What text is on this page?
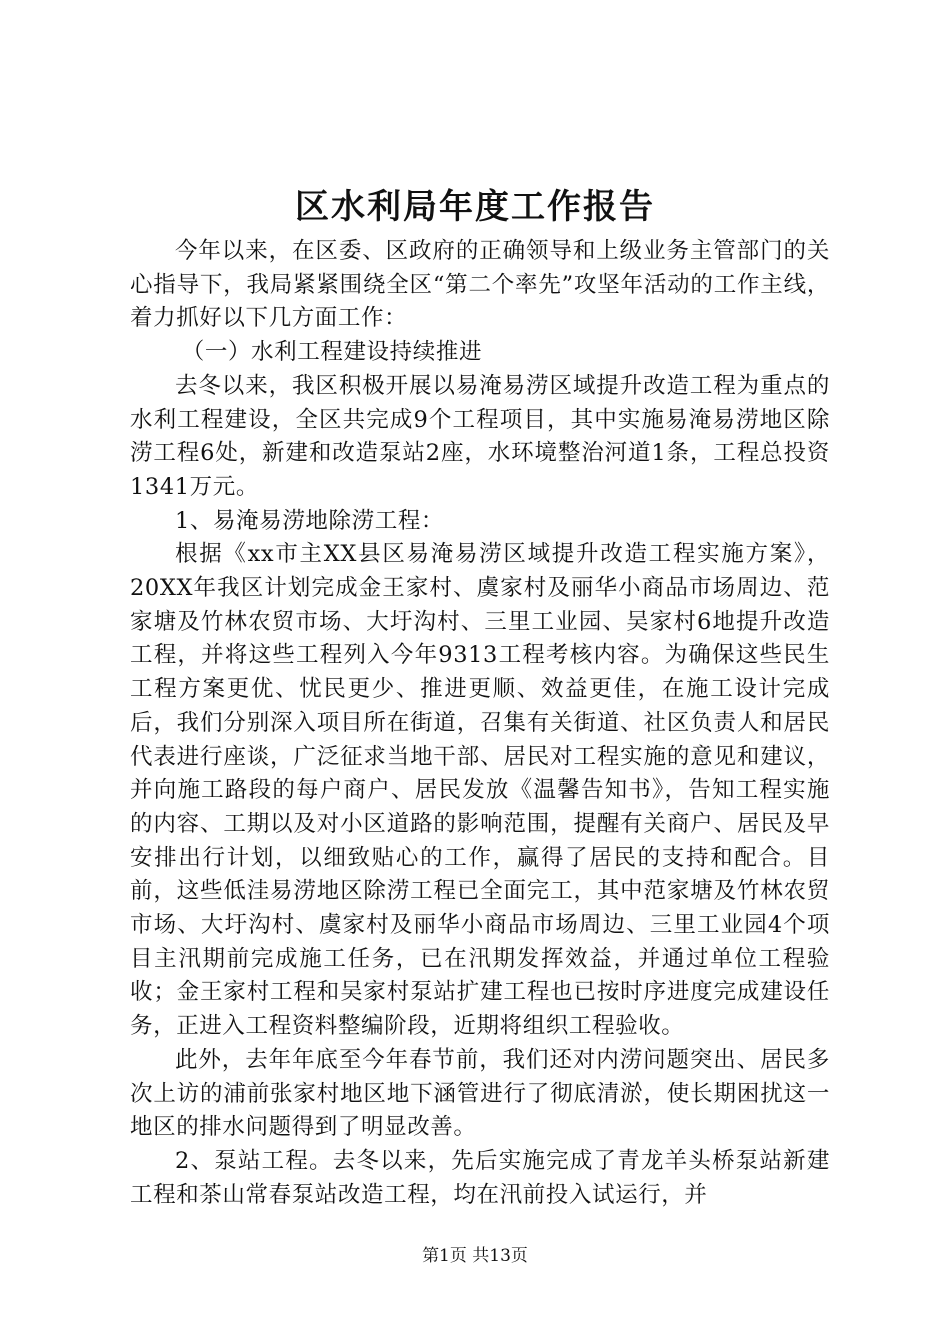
区水利局年度工作报告

今年以来，在区委、区政府的正确领导和上级业务主管部门的关心指导下，我局紧紧围绕全区“第二个率先”攻坚年活动的工作主线，着力抓好以下几方面工作：

（一）水利工程建设持续推进

去冬以来，我区积极开展以易淹易涝区域提升改造工程为重点的水利工程建设，全区共完成9个工程项目，其中实施易淹易涝地区除涝工程6处，新建和改造泵站2座，水环境整治河道1条，工程总投资1341万元。

1、易淹易涝地除涝工程：

根据《xx市主XX县区易淹易涝区域提升改造工程实施方案》，20XX年我区计划完成金王家村、虞家村及丽华小商品市场周边、范家塘及竹林农贸市场、大圩沟村、三里工业园、吴家村6地提升改造工程，并将这些工程列入今年9313工程考核内容。为确保这些民生工程方案更优、忧民更少、推进更顺、效益更佳，在施工设计完成后，我们分别深入项目所在街道，召集有关街道、社区负责人和居民代表进行座谈，广泛征求当地干部、居民对工程实施的意见和建议，并向施工路段的每户商户、居民发放《温馨告知书》，告知工程实施的内容、工期以及对小区道路的影响范围，提醒有关商户、居民及早安排出行计划，以细致贴心的工作，赢得了居民的支持和配合。目前，这些低洼易涝地区除涝工程已全面完工，其中范家塘及竹林农贸市场、大圩沟村、虞家村及丽华小商品市场周边、三里工业园4个项目主汛期前完成施工任务，已在汛期发挥效益，并通过单位工程验收；金王家村工程和吴家村泵站扩建工程也已按时序进度完成建设任务，正进入工程资料整编阶段，近期将组织工程验收。

此外，去年年底至今年春节前，我们还对内涝问题突出、居民多次上访的浦前张家村地区地下涵管进行了彻底清淤，使长期困扰这一地区的排水问题得到了明显改善。

2、泵站工程。去冬以来，先后实施完成了青龙羊头桥泵站新建工程和茶山常春泵站改造工程，均在汛前投入试运行，并

第1页 共13页
